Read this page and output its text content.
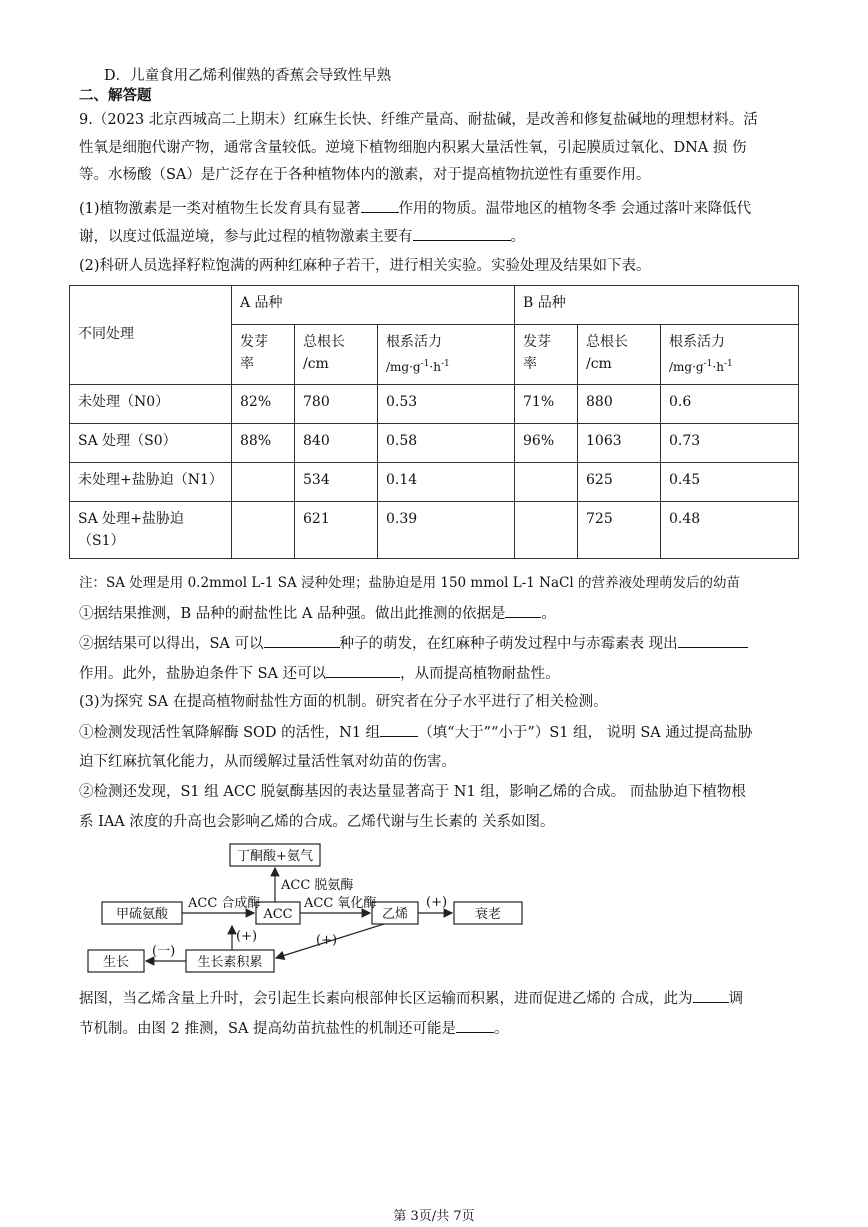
D．儿童食用乙烯利催熟的香蕉会导致性早熟
二、解答题
9.（2023 北京西城高二上期末）红麻生长快、纤维产量高、耐盐碱，是改善和修复盐碱地的理想材料。活
性氧是细胞代谢产物，通常含量较低。逆境下植物细胞内积累大量活性氧，引起膜质过氧化、DNA 损 伤
等。水杨酸（SA）是广泛存在于各种植物体内的激素，对于提高植物抗逆性有重要作用。
(1)植物激素是一类对植物生长发育具有显著	作用的物质。温带地区的植物冬季 会通过落叶来降低代
谢，以度过低温逆境，参与此过程的植物激素主要有	。
(2)科研人员选择籽粒饱满的两种红麻种子若干，进行相关实验。实验处理及结果如下表。
不同处理	A 品种			B 品种		
	发芽
率	总根长
/cm	根系活力
$/mg\cdot g^{-1}\cdot h^{-1}$	发芽
率	总根长
/cm	根系活力
$/mg\cdot g^{-1}\cdot h^{-1}$
未处理（N0）	82%	780	0.53	71%	880	0.6
SA 处理（S0）	88%	840	0.58	96%	1063	0.73
未处理+盐胁迫（N1）		534	0.14		625	0.45
SA 处理+盐胁迫（S1）		621	0.39		725	0.48
注：SA 处理是用 0.2mmol L-1 SA 浸种处理；盐胁迫是用 150 mmol L-1 NaCl 的营养液处理萌发后的幼苗
①据结果推测，B 品种的耐盐性比 A 品种强。做出此推测的依据是 。
②据结果可以得出，SA 可以	种子的萌发，在红麻种子萌发过程中与赤霉素表 现出
作用。此外，盐胁迫条件下 SA 还可以	，从而提高植物耐盐性。
(3)为探究 SA 在提高植物耐盐性方面的机制。研究者在分子水平进行了相关检测。
①检测发现活性氧降解酶 SOD 的活性，N1 组	（填“大于”“小于”）S1 组， 说明 SA 通过提高盐胁
迫下红麻抗氧化能力，从而缓解过量活性氧对幼苗的伤害。
②检测还发现，S1 组 ACC 脱氨酶基因的表达量显著高于 N1 组，影响乙烯的合成。 而盐胁迫下植物根
系 IAA 浓度的升高也会影响乙烯的合成。乙烯代谢与生长素的 关系如图。
丁酮酸+氨气
甲硫氨酸	ACC	乙烯	衰老
生长	生长素积累
ACC 合成酶
ACC 脱氨酶
ACC 氧化酶	(+)
(+)
(+)
(一)
据图，当乙烯含量上升时，会引起生长素向根部伸长区运输而积累，进而促进乙烯的 合成，此为 调
节机制。由图 2 推测，SA 提高幼苗抗盐性的机制还可能是	。
第 3页/共 7页
